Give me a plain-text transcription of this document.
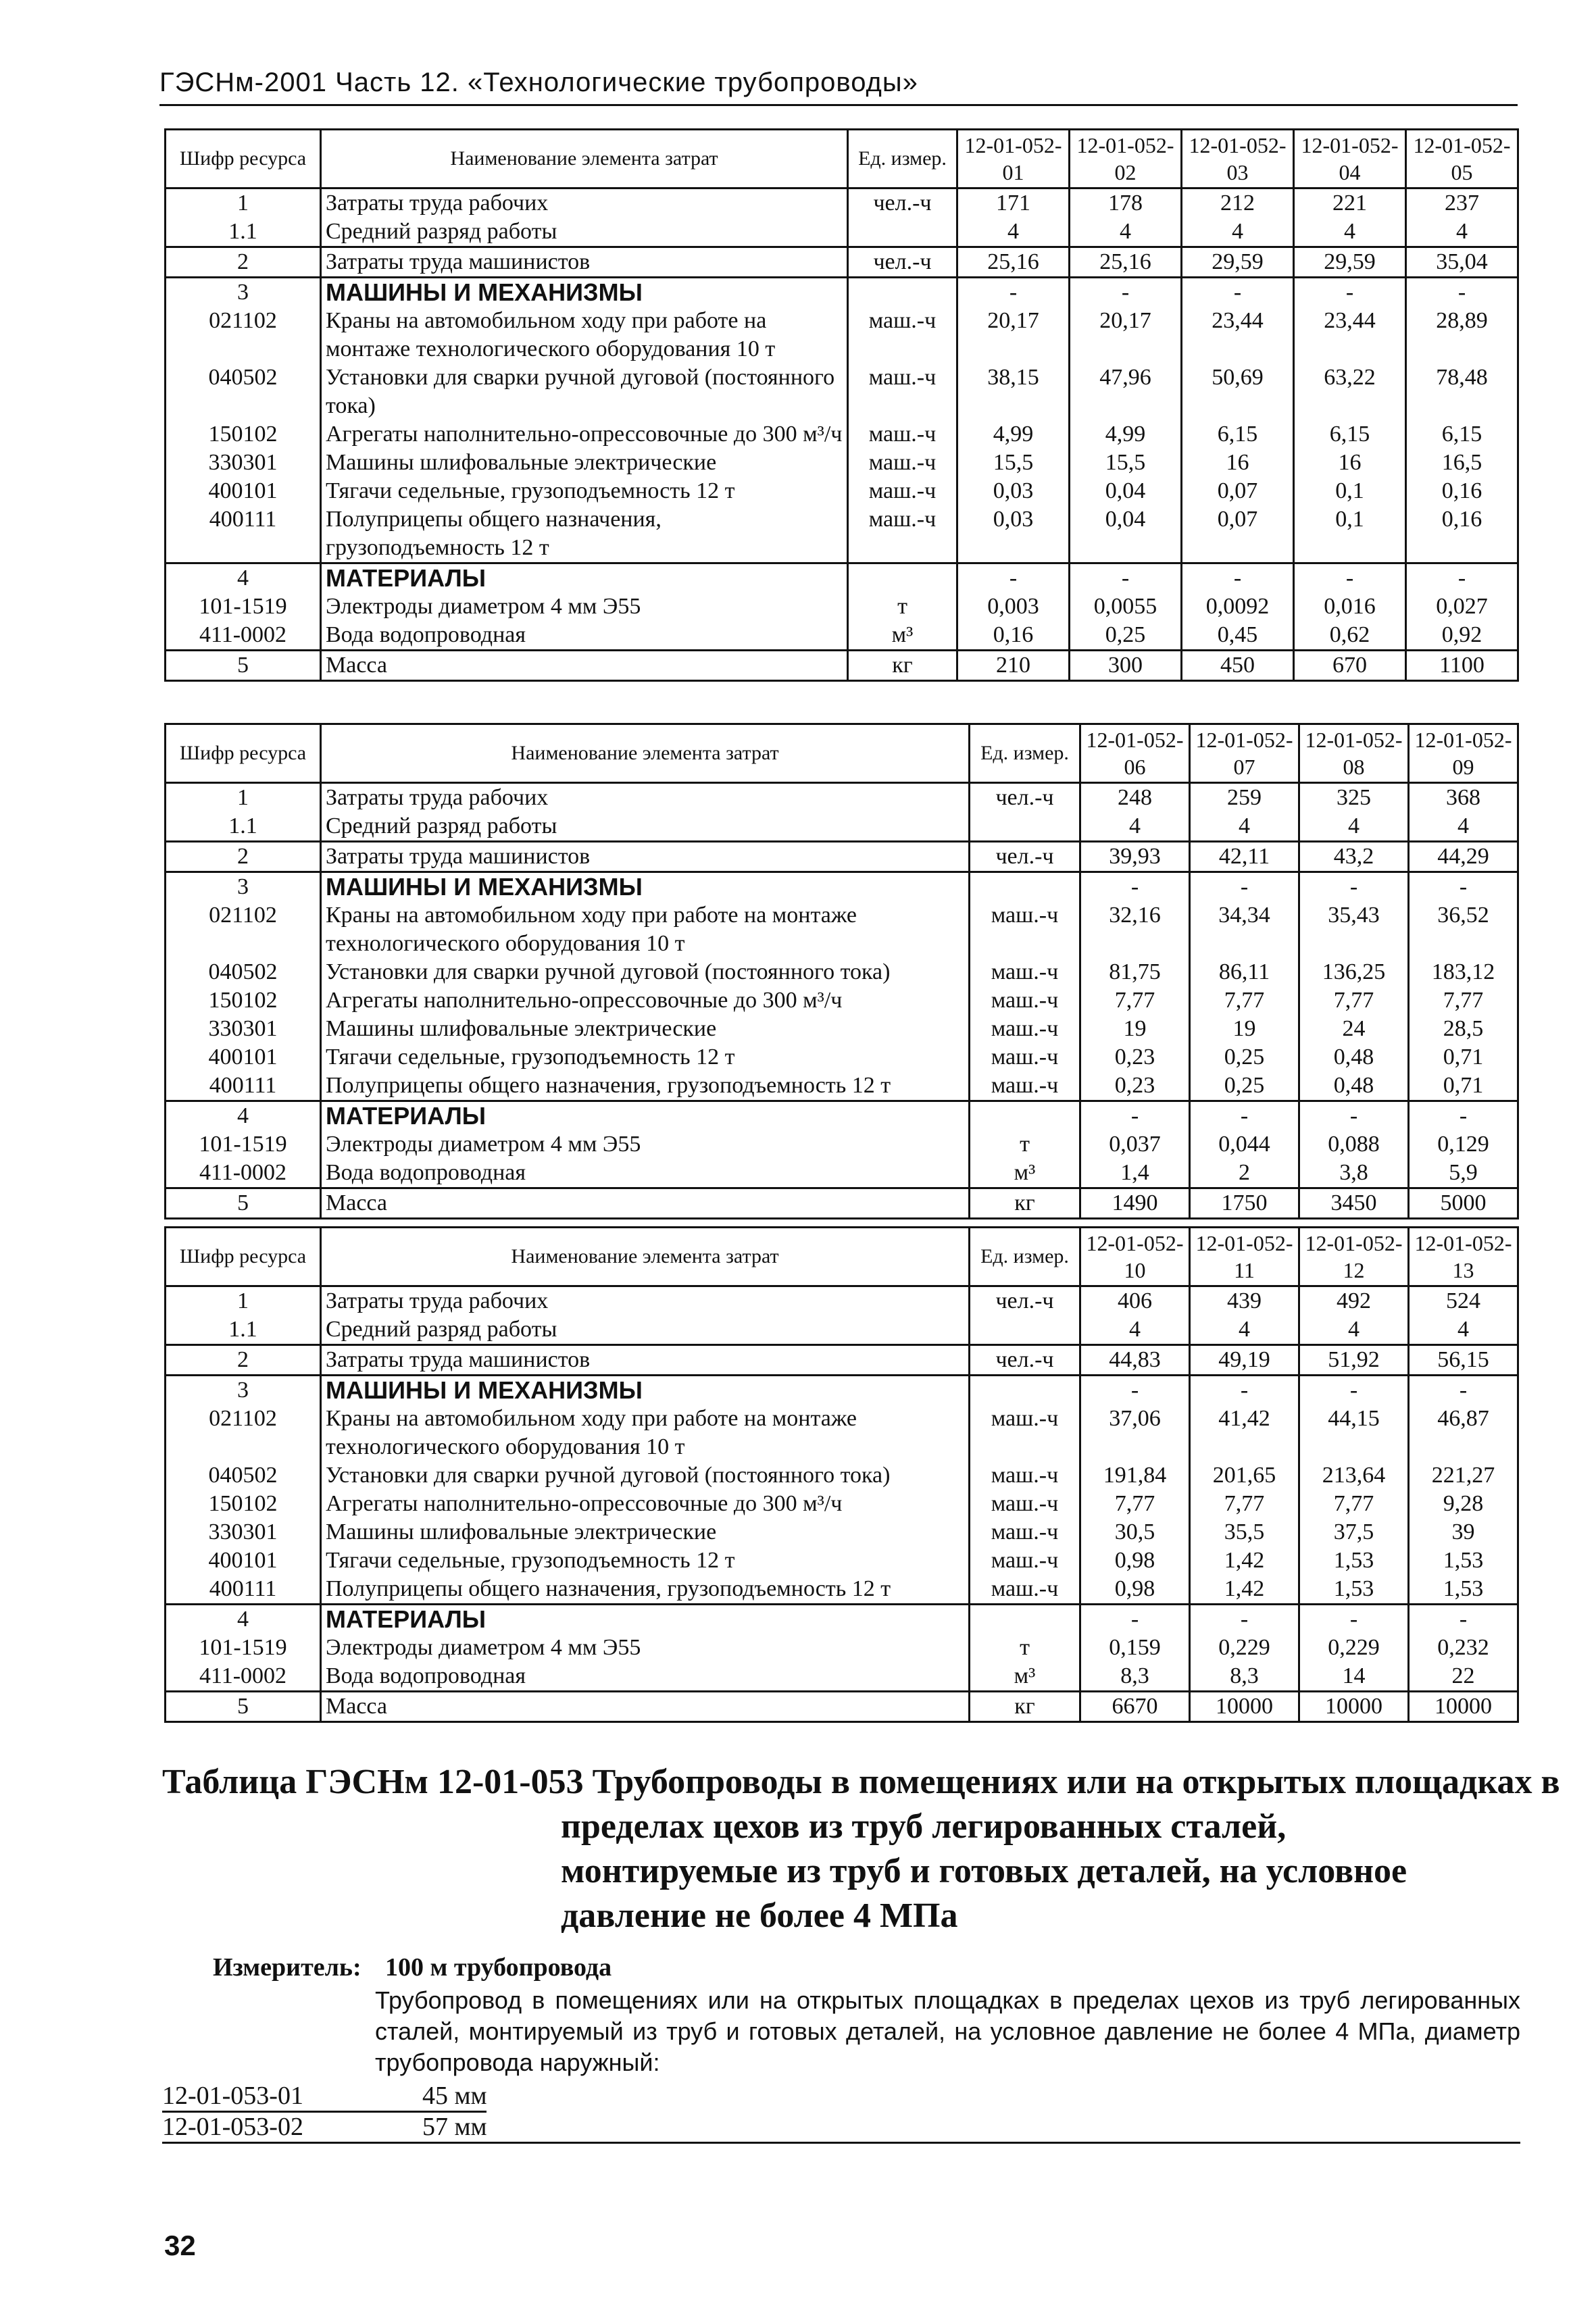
ГЭСНм-2001 Часть 12. «Технологические трубопроводы»
Шифр ресурса	Наименование элемента затрат	Ед. измер.	12-01-052-01	12-01-052-02	12-01-052-03	12-01-052-04	12-01-052-05
1	Затраты труда рабочих	чел.-ч	171	178	212	221	237
1.1	Средний разряд работы		4	4	4	4	4
2	Затраты труда машинистов	чел.-ч	25,16	25,16	29,59	29,59	35,04
3	МАШИНЫ И МЕХАНИЗМЫ		-	-	-	-	-
021102	Краны на автомобильном ходу при работе на монтаже технологического оборудования 10 т	маш.-ч	20,17	20,17	23,44	23,44	28,89
040502	Установки для сварки ручной дуговой (постоянного тока)	маш.-ч	38,15	47,96	50,69	63,22	78,48
150102	Агрегаты наполнительно-опрессовочные до 300 м³/ч	маш.-ч	4,99	4,99	6,15	6,15	6,15
330301	Машины шлифовальные электрические	маш.-ч	15,5	15,5	16	16	16,5
400101	Тягачи седельные, грузоподъемность 12 т	маш.-ч	0,03	0,04	0,07	0,1	0,16
400111	Полуприцепы общего назначения, грузоподъемность 12 т	маш.-ч	0,03	0,04	0,07	0,1	0,16
4	МАТЕРИАЛЫ		-	-	-	-	-
101-1519	Электроды диаметром 4 мм Э55	т	0,003	0,0055	0,0092	0,016	0,027
411-0002	Вода водопроводная	м³	0,16	0,25	0,45	0,62	0,92
5	Масса	кг	210	300	450	670	1100
Шифр ресурса	Наименование элемента затрат	Ед. измер.	12-01-052-06	12-01-052-07	12-01-052-08	12-01-052-09
1	Затраты труда рабочих	чел.-ч	248	259	325	368
1.1	Средний разряд работы		4	4	4	4
2	Затраты труда машинистов	чел.-ч	39,93	42,11	43,2	44,29
3	МАШИНЫ И МЕХАНИЗМЫ		-	-	-	-
021102	Краны на автомобильном ходу при работе на монтаже технологического оборудования 10 т	маш.-ч	32,16	34,34	35,43	36,52
040502	Установки для сварки ручной дуговой (постоянного тока)	маш.-ч	81,75	86,11	136,25	183,12
150102	Агрегаты наполнительно-опрессовочные до 300 м³/ч	маш.-ч	7,77	7,77	7,77	7,77
330301	Машины шлифовальные электрические	маш.-ч	19	19	24	28,5
400101	Тягачи седельные, грузоподъемность 12 т	маш.-ч	0,23	0,25	0,48	0,71
400111	Полуприцепы общего назначения, грузоподъемность 12 т	маш.-ч	0,23	0,25	0,48	0,71
4	МАТЕРИАЛЫ		-	-	-	-
101-1519	Электроды диаметром 4 мм Э55	т	0,037	0,044	0,088	0,129
411-0002	Вода водопроводная	м³	1,4	2	3,8	5,9
5	Масса	кг	1490	1750	3450	5000
Шифр ресурса	Наименование элемента затрат	Ед. измер.	12-01-052-10	12-01-052-11	12-01-052-12	12-01-052-13
1	Затраты труда рабочих	чел.-ч	406	439	492	524
1.1	Средний разряд работы		4	4	4	4
2	Затраты труда машинистов	чел.-ч	44,83	49,19	51,92	56,15
3	МАШИНЫ И МЕХАНИЗМЫ		-	-	-	-
021102	Краны на автомобильном ходу при работе на монтаже технологического оборудования 10 т	маш.-ч	37,06	41,42	44,15	46,87
040502	Установки для сварки ручной дуговой (постоянного тока)	маш.-ч	191,84	201,65	213,64	221,27
150102	Агрегаты наполнительно-опрессовочные до 300 м³/ч	маш.-ч	7,77	7,77	7,77	9,28
330301	Машины шлифовальные электрические	маш.-ч	30,5	35,5	37,5	39
400101	Тягачи седельные, грузоподъемность 12 т	маш.-ч	0,98	1,42	1,53	1,53
400111	Полуприцепы общего назначения, грузоподъемность 12 т	маш.-ч	0,98	1,42	1,53	1,53
4	МАТЕРИАЛЫ		-	-	-	-
101-1519	Электроды диаметром 4 мм Э55	т	0,159	0,229	0,229	0,232
411-0002	Вода водопроводная	м³	8,3	8,3	14	22
5	Масса	кг	6670	10000	10000	10000
Таблица ГЭСНм 12-01-053 Трубопроводы в помещениях или на открытых площадках в
пределах цехов из труб легированных сталей, монтируемые из труб и готовых деталей, на условное давление не более 4 МПа
Измеритель: 100 м трубопровода
Трубопровод в помещениях или на открытых площадках в пределах цехов из труб легированных сталей, монтируемый из труб и готовых деталей, на условное давление не более 4 МПа, диаметр трубопровода наружный:
12-01-053-01	45 мм
12-01-053-02	57 мм
32
